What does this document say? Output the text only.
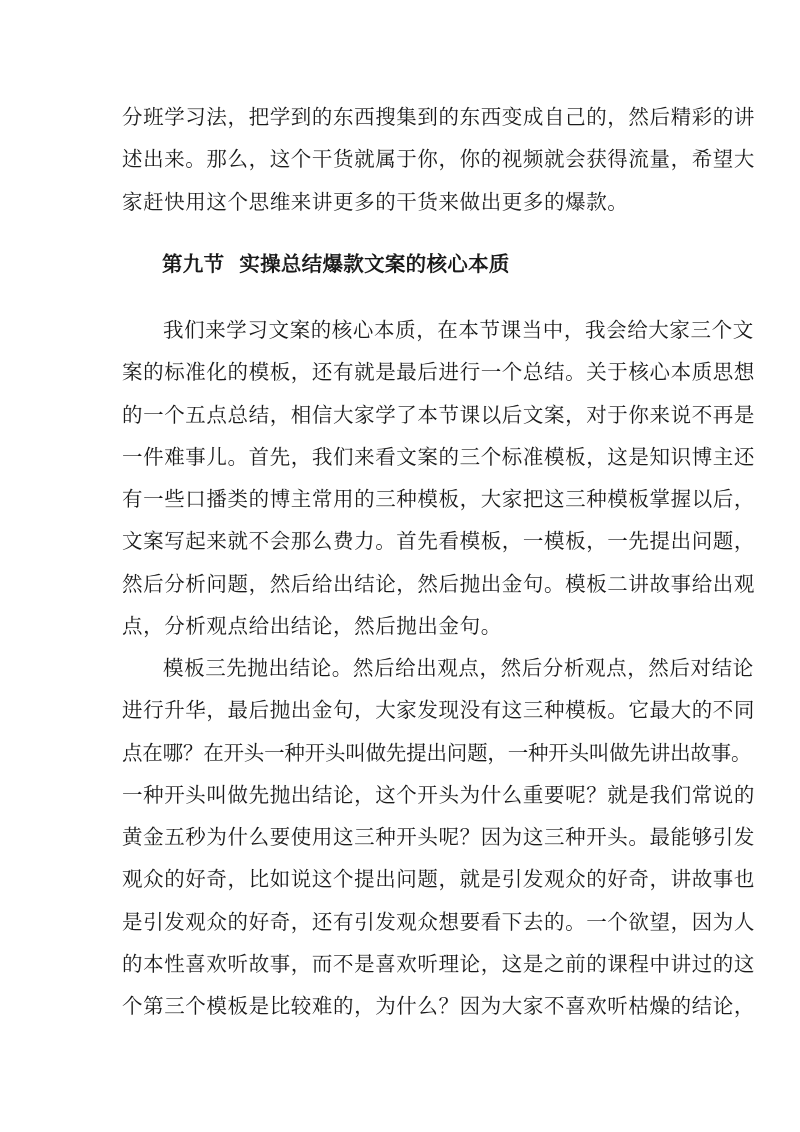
分班学习法，把学到的东西搜集到的东西变成自己的，然后精彩的讲
述出来。那么，这个干货就属于你，你的视频就会获得流量，希望大
家赶快用这个思维来讲更多的干货来做出更多的爆款。
第九节  实操总结爆款文案的核心本质
我们来学习文案的核心本质，在本节课当中，我会给大家三个文
案的标准化的模板，还有就是最后进行一个总结。关于核心本质思想
的一个五点总结，相信大家学了本节课以后文案，对于你来说不再是
一件难事儿。首先，我们来看文案的三个标准模板，这是知识博主还
有一些口播类的博主常用的三种模板，大家把这三种模板掌握以后，
文案写起来就不会那么费力。首先看模板，一模板，一先提出问题，
然后分析问题，然后给出结论，然后抛出金句。模板二讲故事给出观
点，分析观点给出结论，然后抛出金句。
模板三先抛出结论。然后给出观点，然后分析观点，然后对结论
进行升华，最后抛出金句，大家发现没有这三种模板。它最大的不同
点在哪？在开头一种开头叫做先提出问题，一种开头叫做先讲出故事。
一种开头叫做先抛出结论，这个开头为什么重要呢？就是我们常说的
黄金五秒为什么要使用这三种开头呢？因为这三种开头。最能够引发
观众的好奇，比如说这个提出问题，就是引发观众的好奇，讲故事也
是引发观众的好奇，还有引发观众想要看下去的。一个欲望，因为人
的本性喜欢听故事，而不是喜欢听理论，这是之前的课程中讲过的这
个第三个模板是比较难的，为什么？因为大家不喜欢听枯燥的结论，
